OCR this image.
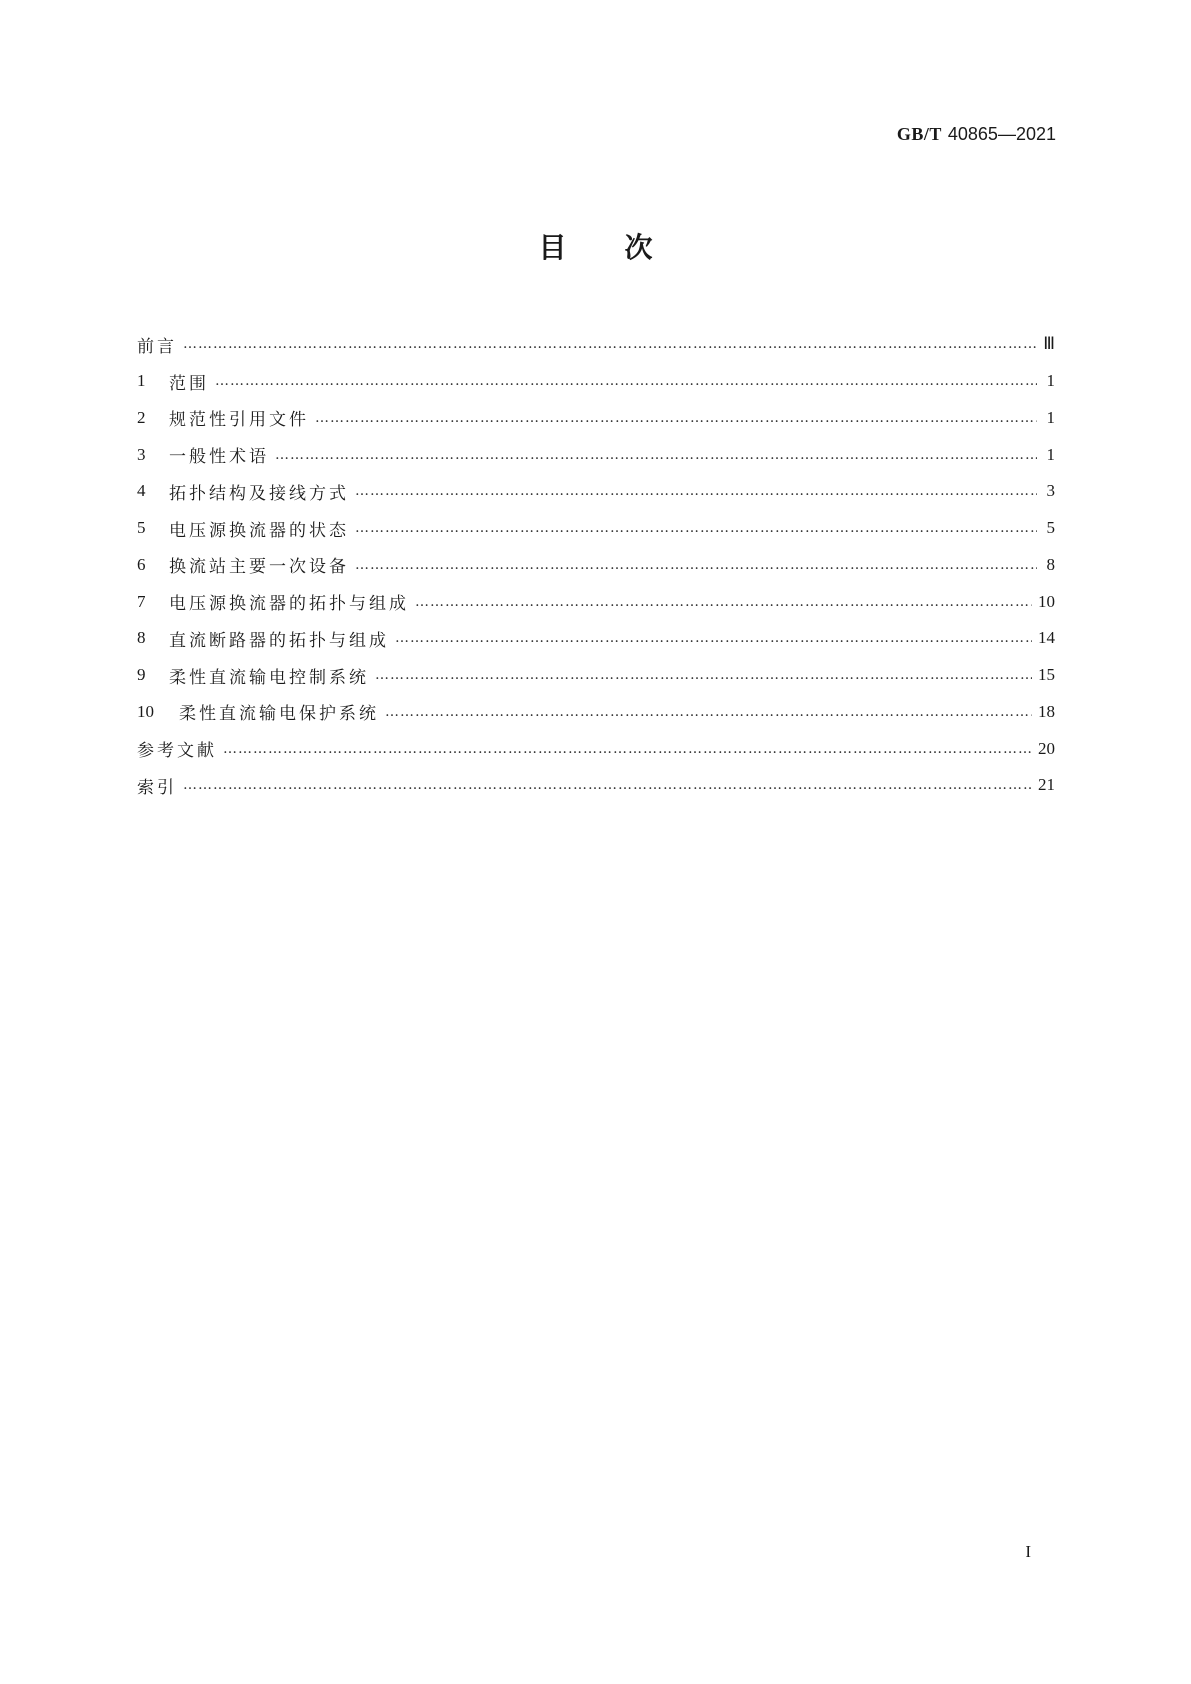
GB/T 40865—2021
目 次
前言 …………………………………………………………………………………………………………………………………………………………………………………………………………………………………………	Ⅲ
1	范围 …………………………………………………………………………………………………………………………………………………………………………………………………………………………………………	1
2	规范性引用文件 …………………………………………………………………………………………………………………………………………………………………………………………………………………………………………	1
3	一般性术语 …………………………………………………………………………………………………………………………………………………………………………………………………………………………………………	1
4	拓扑结构及接线方式 …………………………………………………………………………………………………………………………………………………………………………………………………………………………………………	3
5	电压源换流器的状态 …………………………………………………………………………………………………………………………………………………………………………………………………………………………………………	5
6	换流站主要一次设备 …………………………………………………………………………………………………………………………………………………………………………………………………………………………………………	8
7	电压源换流器的拓扑与组成 …………………………………………………………………………………………………………………………………………………………………………………………………………………………………………	10
8	直流断路器的拓扑与组成 …………………………………………………………………………………………………………………………………………………………………………………………………………………………………………	14
9	柔性直流输电控制系统 …………………………………………………………………………………………………………………………………………………………………………………………………………………………………………	15
10	柔性直流输电保护系统 …………………………………………………………………………………………………………………………………………………………………………………………………………………………………………	18
参考文献 …………………………………………………………………………………………………………………………………………………………………………………………………………………………………………	20
索引 …………………………………………………………………………………………………………………………………………………………………………………………………………………………………………	21
I
